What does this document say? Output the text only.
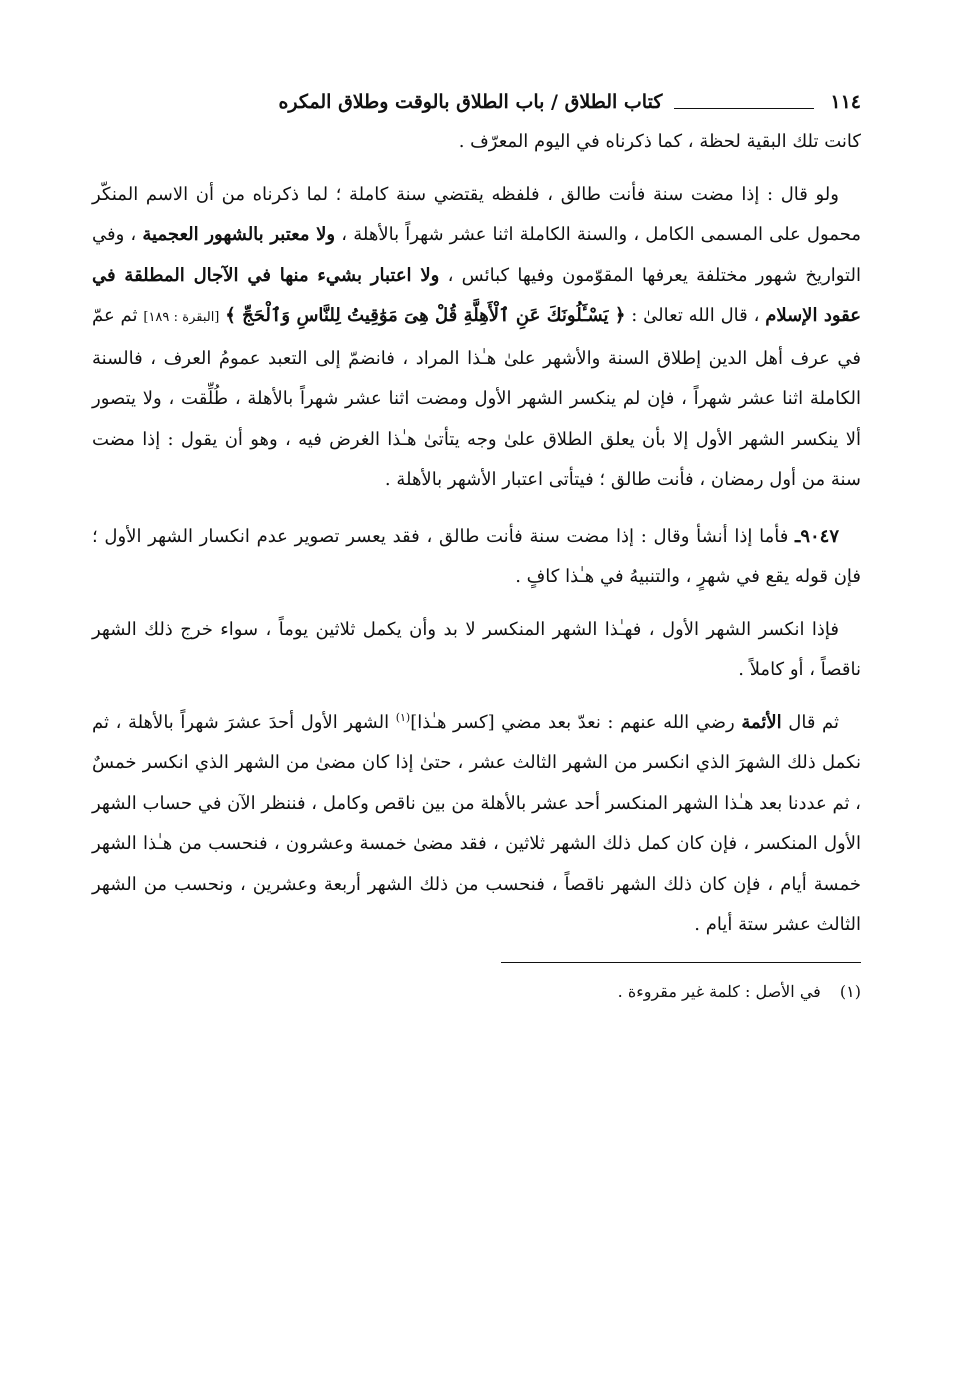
١١٤
كتاب الطلاق / باب الطلاق بالوقت وطلاق المكره

كانت تلك البقية لحظة ، كما ذكرناه في اليوم المعرّف .

ولو قال : إذا مضت سنة فأنت طالق ، فلفظه يقتضي سنة كاملة ؛ لما ذكرناه من أن الاسم المنكّر محمول على المسمى الكامل ، والسنة الكاملة اثنا عشر شهراً بالأهلة ، ولا معتبر بالشهور العجمية ، وفي التواريخ شهور مختلفة يعرفها المقوّمون وفيها كبائس ، ولا اعتبار بشيء منها في الآجال المطلقة في عقود الإسلام ، قال الله تعالىٰ : ﴿ يَسْـَٔلُونَكَ عَنِ ٱلْأَهِلَّةِ قُلْ هِىَ مَوَٰقِيتُ لِلنَّاسِ وَٱلْحَجِّ ﴾ [البقرة : ١٨٩] ثم عمّ في عرف أهل الدين إطلاق السنة والأشهر علىٰ هـٰذا المراد ، فانضمّ إلى التعبد عمومُ العرف ، فالسنة الكاملة اثنا عشر شهراً ، فإن لم ينكسر الشهر الأول ومضت اثنا عشر شهراً بالأهلة ، طُلِّقت ، ولا يتصور ألا ينكسر الشهر الأول إلا بأن يعلق الطلاق علىٰ وجه يتأتىٰ هـٰذا الغرض فيه ، وهو أن يقول : إذا مضت سنة من أول رمضان ، فأنت طالق ؛ فيتأتى اعتبار الأشهر بالأهلة .

٩٠٤٧ـ فأما إذا أنشأ وقال : إذا مضت سنة فأنت طالق ، فقد يعسر تصوير عدم انكسار الشهر الأول ؛ فإن قوله يقع في شهرٍ ، والتنبيهُ في هـٰذا كافٍ .

فإذا انكسر الشهر الأول ، فهـٰذا الشهر المنكسر لا بد وأن يكمل ثلاثين يوماً ، سواء خرج ذلك الشهر ناقصاً ، أو كاملاً .

ثم قال الأئمة رضي الله عنهم : نعدّ بعد مضي [كسر هـٰذا]$^{(١)}$ الشهر الأول أحدَ عشرَ شهراً بالأهلة ، ثم نكمل ذلك الشهرَ الذي انكسر من الشهر الثالث عشر ، حتىٰ إذا كان مضىٰ من الشهر الذي انكسر خمسٌ ، ثم عددنا بعد هـٰذا الشهر المنكسر أحد عشر بالأهلة من بين ناقص وكامل ، فننظر الآن في حساب الشهر الأول المنكسر ، فإن كان كمل ذلك الشهر ثلاثين ، فقد مضىٰ خمسة وعشرون ، فنحسب من هـٰذا الشهر خمسة أيام ، فإن كان ذلك الشهر ناقصاً ، فنحسب من ذلك الشهر أربعة وعشرين ، ونحسب من الشهر الثالث عشر ستة أيام .

(١) في الأصل : كلمة غير مقروءة .
